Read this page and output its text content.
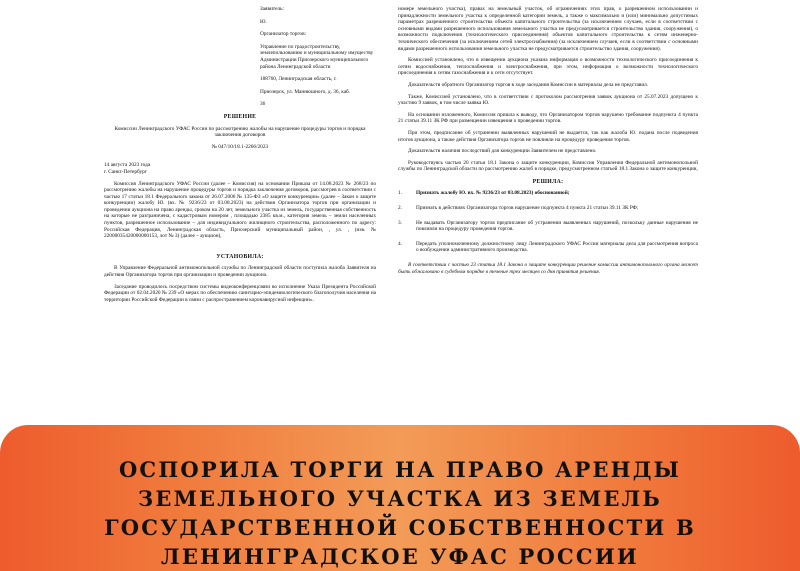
Заявитель:

Ю.

Организатор торгов:

Управление по градостроительству, землепользованию и муниципальному имуществу Администрации Приозерского муниципального района Ленинградской области

188760, Ленинградская область, г.

Приозерск, ул. Маннюшного, д. 36, каб.

36

РЕШЕНИЕ

Комиссии Ленинградского УФАС России по рассмотрению жалобы на нарушение процедуры торгов и порядка заключения договоров

№ 047/10/18.1-2266/2023

14 августа 2023 года

г. Санкт-Петербург

Комиссия Ленинградского УФАС России (далее – Комиссия) на основании Приказа от 14.08.2023 № 268/23 по рассмотрению жалобы на нарушение процедуры торгов и порядка заключения договоров, рассмотрев в соответствии с частью 17 статьи 18.1 Федерального закона от 26.07.2006 № 135-ФЗ «О защите конкуренции» (далее – Закон о защите конкуренции) жалобу Ю. (вх. № 9236/23 от 03.08.2023) на действия Организатора торгов при организации и проведении аукциона на право аренды, сроком на 20 лет, земельного участка из земель, государственная собственность на которые не разграничена, с кадастровым номером , площадью 2385 кв.м., категория земель – земли населенных пунктов, разрешенное использование – для индивидуального жилищного строительства, расположенного по адресу: Российская Федерация, Ленинградская область, Приозерский муниципальный район, , ул. , (изв. № 22000035420000000153, лот № 3) (далее – аукцион),

УСТАНОВИЛА:

В Управление Федеральной антимонопольной службы по Ленинградской области поступила жалоба Заявителя на действия Организатора торгов при организации и проведении аукциона.

Заседание проводилось посредством системы видеоконференцсвязи во исполнение Указа Президента Российской Федерации от 02.04.2020 № 239 «О мерах по обеспечению санитарно-эпидемиологического благополучия населения на территории Российской Федерации в связи с распространением коронавирусной инфекции».

номере земельного участка), правах на земельный участок, об ограничениях этих прав, о разрешенном использовании и принадлежности земельного участка к определенной категории земель, а также о максимально и (или) минимально допустимых параметрах разрешенного строительства объекта капитального строительства (за исключением случаев, если в соответствии с основными видами разрешенного использования земельного участка не предусматривается строительство здания, сооружения), о возможности подключения (технологического присоединения) объектов капитального строительства к сетям инженерно-технического обеспечения (за исключением сетей электроснабжения) (за исключением случаев, если в соответствии с основными видами разрешенного использования земельного участка не предусматривается строительство здания, сооружения).

Комиссией установлено, что в извещении аукциона указана информация о возможности технологического присоединения к сетям водоснабжения, теплоснабжения и электроснабжения, при этом, информация о возможности технологического присоединения к сетям газоснабжения и к сети отсутствует.

Доказательств обратного Организатор торгов в ходе заседания Комиссии в материалы дела не представил.

Также, Комиссией установлено, что в соответствии с протоколом рассмотрения заявок аукциона от 25.07.2023 допущено к участию 9 заявок, в том числе заявка Ю.

На основании изложенного, Комиссия пришла к выводу, что Организатором торгов нарушено требование подпункта 4 пункта 21 статьи 39.11 ЗК РФ при размещении извещения о проведении торгов.

При этом, предписание об устранении выявленных нарушений не выдается, так как жалоба Ю. подана после подведения итогов аукциона, а также действия Организатора торгов не повлияли на процедуру проведения торгов.

Доказательств наличия последствий для конкуренции Заявителем не представлено.

Руководствуясь частью 20 статьи 18.1 Закона о защите конкуренции, Комиссия Управления Федеральной антимонопольной службы по Ленинградской области по рассмотрению жалоб в порядке, предусмотренном статьей 18.1 Закона о защите конкуренции,

РЕШИЛА:

1.	Признать жалобу Ю. вх. № 9236/23 от 03.08.2023) обоснованной;
2.	Признать в действиях Организатора торгов нарушение подпункта 4 пункта 21 статьи 39.11 ЗК РФ;
3.	Не выдавать Организатору торгов предписание об устранении выявленных нарушений, поскольку данные нарушения не повлияли на процедуру проведения торгов.
4.	Передать уполномоченному должностному лицу Ленинградского УФАС России материалы дела для рассмотрения вопроса о возбуждении административного производства.

В соответствии с частью 23 статьи 18.1 Закона о защите конкуренции решение комиссии антимонопольного органа может быть обжаловано в судебном порядке в течение трех месяцев со дня принятия решения.

ОСПОРИЛА ТОРГИ НА ПРАВО АРЕНДЫ
ЗЕМЕЛЬНОГО УЧАСТКА ИЗ ЗЕМЕЛЬ
ГОСУДАРСТВЕННОЙ СОБСТВЕННОСТИ В
ЛЕНИНГРАДСКОЕ УФАС РОССИИ
